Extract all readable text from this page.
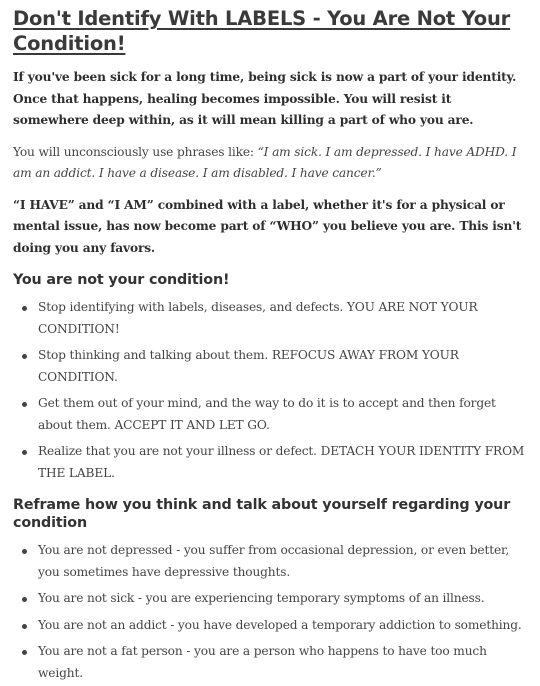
Don't Identify With LABELS - You Are Not Your Condition!

If you've been sick for a long time, being sick is now a part of your identity. Once that happens, healing becomes impossible. You will resist it somewhere deep within, as it will mean killing a part of who you are.

You will unconsciously use phrases like: “I am sick. I am depressed. I have ADHD. I am an addict. I have a disease. I am disabled. I have cancer.”

“I HAVE” and “I AM” combined with a label, whether it's for a physical or mental issue, has now become part of “WHO” you believe you are. This isn't doing you any favors.

You are not your condition!
Stop identifying with labels, diseases, and defects. YOU ARE NOT YOUR CONDITION!
Stop thinking and talking about them. REFOCUS AWAY FROM YOUR CONDITION.
Get them out of your mind, and the way to do it is to accept and then forget about them. ACCEPT IT AND LET GO.
Realize that you are not your illness or defect. DETACH YOUR IDENTITY FROM THE LABEL.
Reframe how you think and talk about yourself regarding your condition
You are not depressed - you suffer from occasional depression, or even better, you sometimes have depressive thoughts.
You are not sick - you are experiencing temporary symptoms of an illness.
You are not an addict - you have developed a temporary addiction to something.
You are not a fat person - you are a person who happens to have too much weight.
